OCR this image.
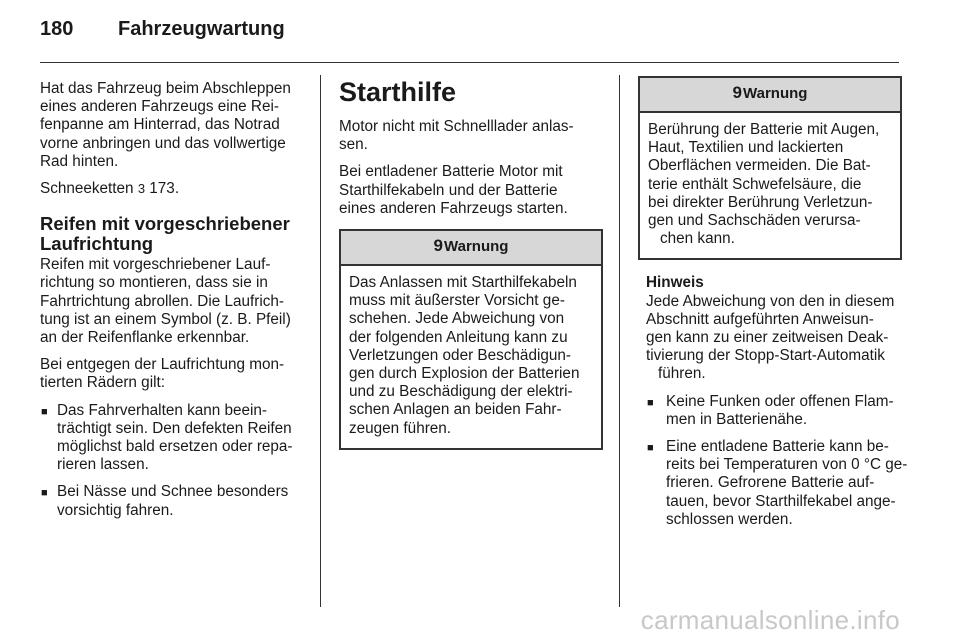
180 Fahrzeugwartung

Hat das Fahrzeug beim Abschleppen
eines anderen Fahrzeugs eine Rei-
fenpanne am Hinterrad, das Notrad
vorne anbringen und das vollwertige
Rad hinten.

Schneeketten 3 173.

Reifen mit vorgeschriebener
Laufrichtung

Reifen mit vorgeschriebener Lauf-
richtung so montieren, dass sie in
Fahrtrichtung abrollen. Die Laufrich-
tung ist an einem Symbol (z. B. Pfeil)
an der Reifenflanke erkennbar.

Bei entgegen der Laufrichtung mon-
tierten Rädern gilt:

■ Das Fahrverhalten kann beein-
trächtigt sein. Den defekten Reifen
möglichst bald ersetzen oder repa-
rieren lassen.
■ Bei Nässe und Schnee besonders
vorsichtig fahren.
Starthilfe

Motor nicht mit Schnelllader anlas-
sen.

Bei entladener Batterie Motor mit
Starthilfekabeln und der Batterie
eines anderen Fahrzeugs starten.

9 Warnung
Das Anlassen mit Starthilfekabeln
muss mit äußerster Vorsicht ge-
schehen. Jede Abweichung von
der folgenden Anleitung kann zu
Verletzungen oder Beschädigun-
gen durch Explosion der Batterien
und zu Beschädigung der elektri-
schen Anlagen an beiden Fahr-
zeugen führen.
9 Warnung
Berührung der Batterie mit Augen,
Haut, Textilien und lackierten
Oberflächen vermeiden. Die Bat-
terie enthält Schwefelsäure, die
bei direkter Berührung Verletzun-
gen und Sachschäden verursa-
chen kann.
Hinweis
Jede Abweichung von den in diesem
Abschnitt aufgeführten Anweisun-
gen kann zu einer zeitweisen Deak-
tivierung der Stopp-Start-Automatik
führen.
■ Keine Funken oder offenen Flam-
men in Batterienähe.
■ Eine entladene Batterie kann be-
reits bei Temperaturen von 0 °C ge-
frieren. Gefrorene Batterie auf-
tauen, bevor Starthilfekabel ange-
schlossen werden.
carmanualsonline.info
